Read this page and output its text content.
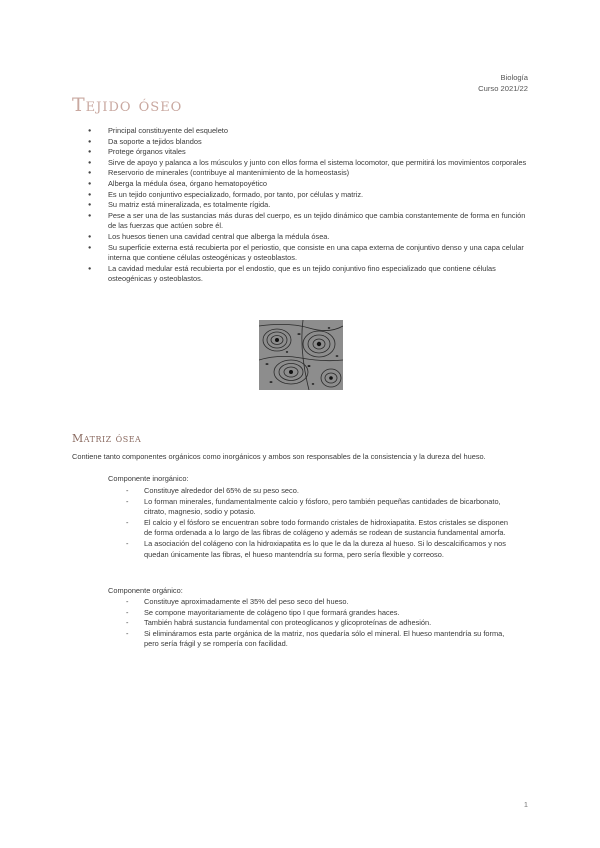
Biología
Curso 2021/22
Tejido óseo
● Principal constituyente del esqueleto
● Da soporte a tejidos blandos
● Protege órganos vitales
● Sirve de apoyo y palanca a los músculos y junto con ellos forma el sistema locomotor, que permitirá los movimientos corporales
● Reservorio de minerales (contribuye al mantenimiento de la homeostasis)
● Alberga la médula ósea, órgano hematopoyético
● Es un tejido conjuntivo especializado, formado, por tanto, por células y matriz.
● Su matriz está mineralizada, es totalmente rígida.
● Pese a ser una de las sustancias más duras del cuerpo, es un tejido dinámico que cambia constantemente de forma en función de las fuerzas que actúen sobre él.
● Los huesos tienen una cavidad central que alberga la médula ósea.
● Su superficie externa está recubierta por el periostio, que consiste en una capa externa de conjuntivo denso y una capa celular interna que contiene células osteogénicas y osteoblastos.
● La cavidad medular está recubierta por el endostio, que es un tejido conjuntivo fino especializado que contiene células osteogénicas y osteoblastos.
Matriz ósea

Contiene tanto componentes orgánicos como inorgánicos y ambos son responsables de la consistencia y la dureza del hueso.

Componente inorgánico:

- Constituye alrededor del 65% de su peso seco.
- Lo forman minerales, fundamentalmente calcio y fósforo, pero también pequeñas cantidades de bicarbonato, citrato, magnesio, sodio y potasio.
- El calcio y el fósforo se encuentran sobre todo formando cristales de hidroxiapatita. Estos cristales se disponen de forma ordenada a lo largo de las fibras de colágeno y además se rodean de sustancia fundamental amorfa.
- La asociación del colágeno con la hidroxiapatita es lo que le da la dureza al hueso. Si lo descalcificamos y nos quedan únicamente las fibras, el hueso mantendría su forma, pero sería flexible y correoso.

Componente orgánico:

- Constituye aproximadamente el 35% del peso seco del hueso.
- Se compone mayoritariamente de colágeno tipo I que formará grandes haces.
- También habrá sustancia fundamental con proteoglicanos y glicoproteínas de adhesión.
- Si elimináramos esta parte orgánica de la matriz, nos quedaría sólo el mineral. El hueso mantendría su forma, pero sería frágil y se rompería con facilidad.
1
